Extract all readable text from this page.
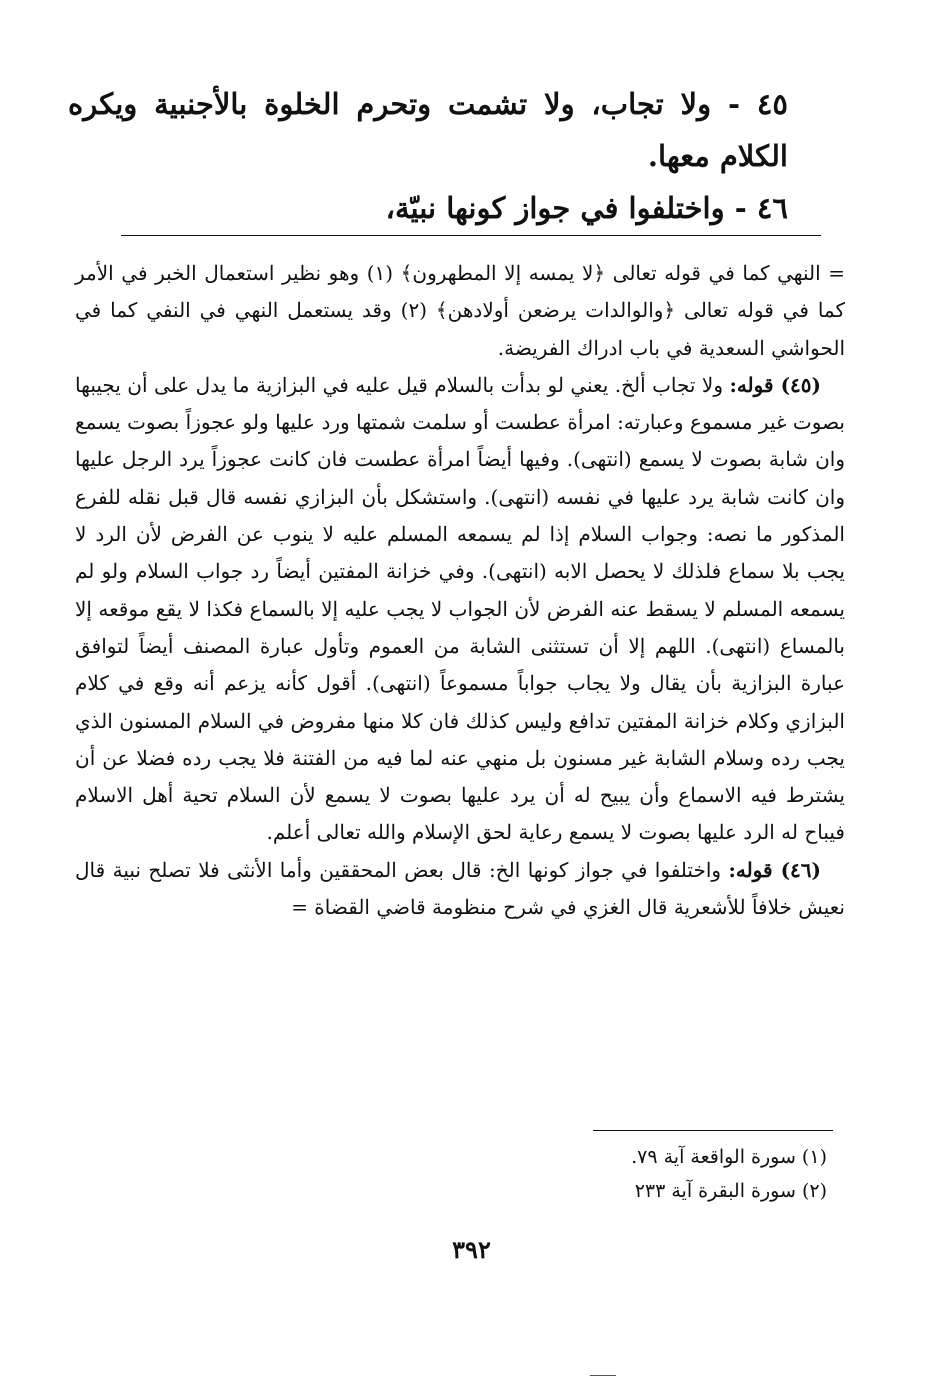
٤٥ - ولا تجاب، ولا تشمت وتحرم الخلوة بالأجنبية ويكره الكلام معها.

٤٦ - واختلفوا في جواز كونها نبيّة،

= النهي كما في قوله تعالى ﴿لا يمسه إلا المطهرون﴾ (١) وهو نظير استعمال الخبر في الأمر كما في قوله تعالى ﴿والوالدات يرضعن أولادهن﴾ (٢) وقد يستعمل النهي في النفي كما في الحواشي السعدية في باب ادراك الفريضة.

(٤٥) قوله: ولا تجاب ألخ. يعني لو بدأت بالسلام قيل عليه في البزازية ما يدل على أن يجيبها بصوت غير مسموع وعبارته: امرأة عطست أو سلمت شمتها ورد عليها ولو عجوزاً بصوت يسمع وان شابة بصوت لا يسمع (انتهى). وفيها أيضاً امرأة عطست فان كانت عجوزاً يرد الرجل عليها وان كانت شابة يرد عليها في نفسه (انتهى). واستشكل بأن البزازي نفسه قال قبل نقله للفرع المذكور ما نصه: وجواب السلام إذا لم يسمعه المسلم عليه لا ينوب عن الفرض لأن الرد لا يجب بلا سماع فلذلك لا يحصل الابه (انتهى). وفي خزانة المفتين أيضاً رد جواب السلام ولو لم يسمعه المسلم لا يسقط عنه الفرض لأن الجواب لا يجب عليه إلا بالسماع فكذا لا يقع موقعه إلا بالمساع (انتهى). اللهم إلا أن تستثنى الشابة من العموم وتأول عبارة المصنف أيضاً لتوافق عبارة البزازية بأن يقال ولا يجاب جواباً مسموعاً (انتهى). أقول كأنه يزعم أنه وقع في كلام البزازي وكلام خزانة المفتين تدافع وليس كذلك فان كلا منها مفروض في السلام المسنون الذي يجب رده وسلام الشابة غير مسنون بل منهي عنه لما فيه من الفتنة فلا يجب رده فضلا عن أن يشترط فيه الاسماع وأن يبيح له أن يرد عليها بصوت لا يسمع لأن السلام تحية أهل الاسلام فيباح له الرد عليها بصوت لا يسمع رعاية لحق الإسلام والله تعالى أعلم.

(٤٦) قوله: واختلفوا في جواز كونها الخ: قال بعض المحققين وأما الأنثى فلا تصلح نبية قال نعيش خلافاً للأشعرية قال الغزي في شرح منظومة قاضي القضاة =

(١) سورة الواقعة آية ٧٩.
(٢) سورة البقرة آية ٢٣٣
٣٩٢
